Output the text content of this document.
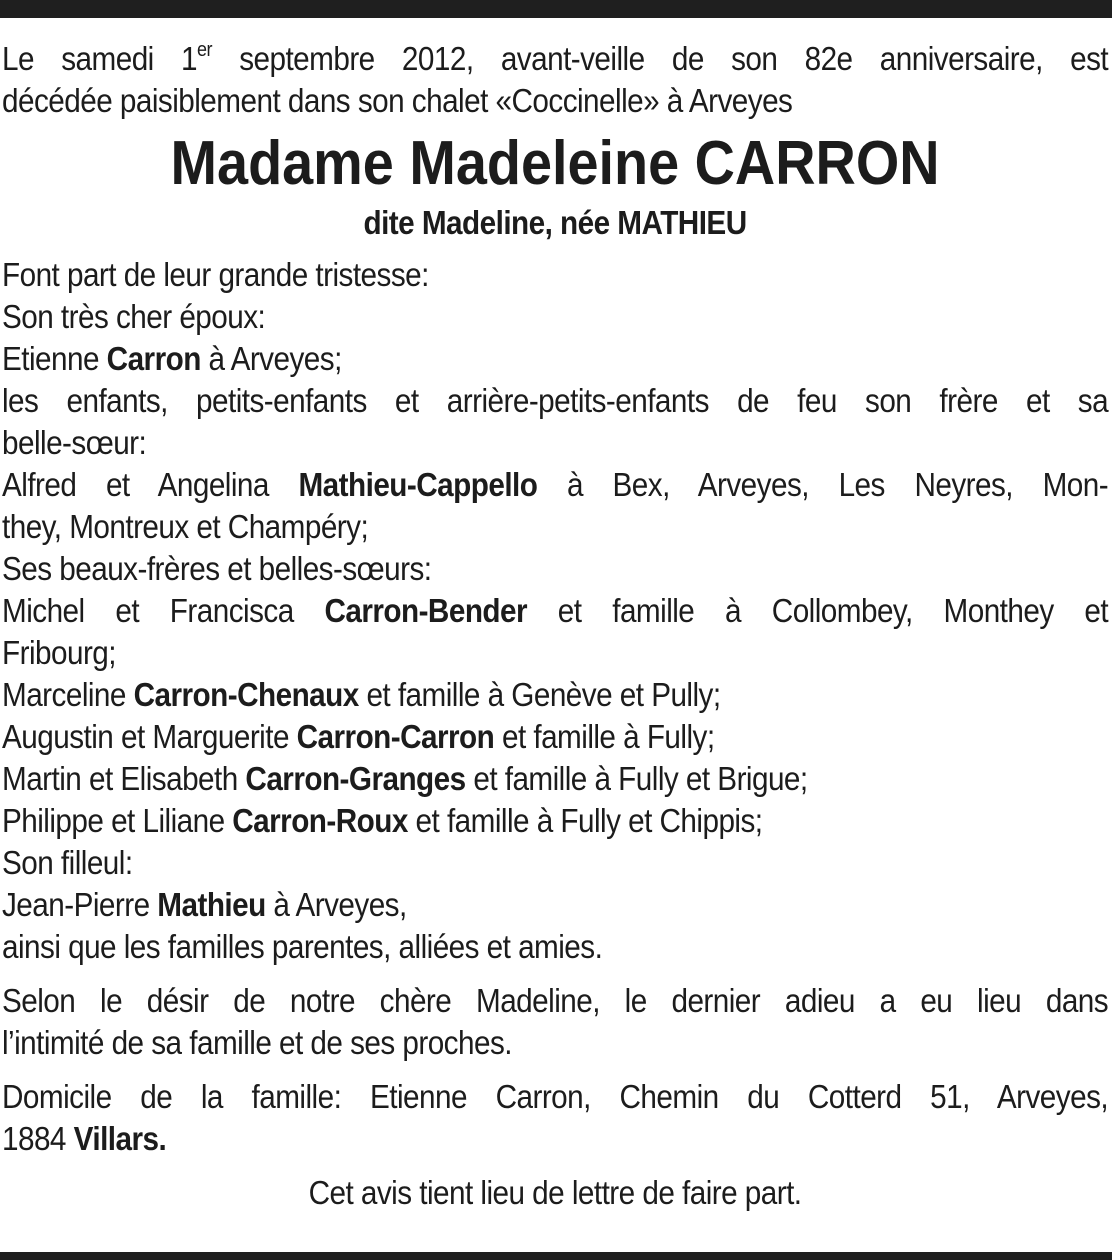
Le samedi 1er septembre 2012, avant-veille de son 82e anniversaire, est
décédée paisiblement dans son chalet «Coccinelle» à Arveyes
Madame Madeleine CARRON
dite Madeline, née MATHIEU
Font part de leur grande tristesse:
Son très cher époux:
Etienne Carron à Arveyes;
les enfants, petits-enfants et arrière-petits-enfants de feu son frère et sa
belle-sœur:
Alfred et Angelina Mathieu-Cappello à Bex, Arveyes, Les Neyres, Mon-
they, Montreux et Champéry;
Ses beaux-frères et belles-sœurs:
Michel et Francisca Carron-Bender et famille à Collombey, Monthey et
Fribourg;
Marceline Carron-Chenaux et famille à Genève et Pully;
Augustin et Marguerite Carron-Carron et famille à Fully;
Martin et Elisabeth Carron-Granges et famille à Fully et Brigue;
Philippe et Liliane Carron-Roux et famille à Fully et Chippis;
Son filleul:
Jean-Pierre Mathieu à Arveyes,
ainsi que les familles parentes, alliées et amies.
Selon le désir de notre chère Madeline, le dernier adieu a eu lieu dans
l’intimité de sa famille et de ses proches.
Domicile de la famille: Etienne Carron, Chemin du Cotterd 51, Arveyes,
1884 Villars.
Cet avis tient lieu de lettre de faire part.
